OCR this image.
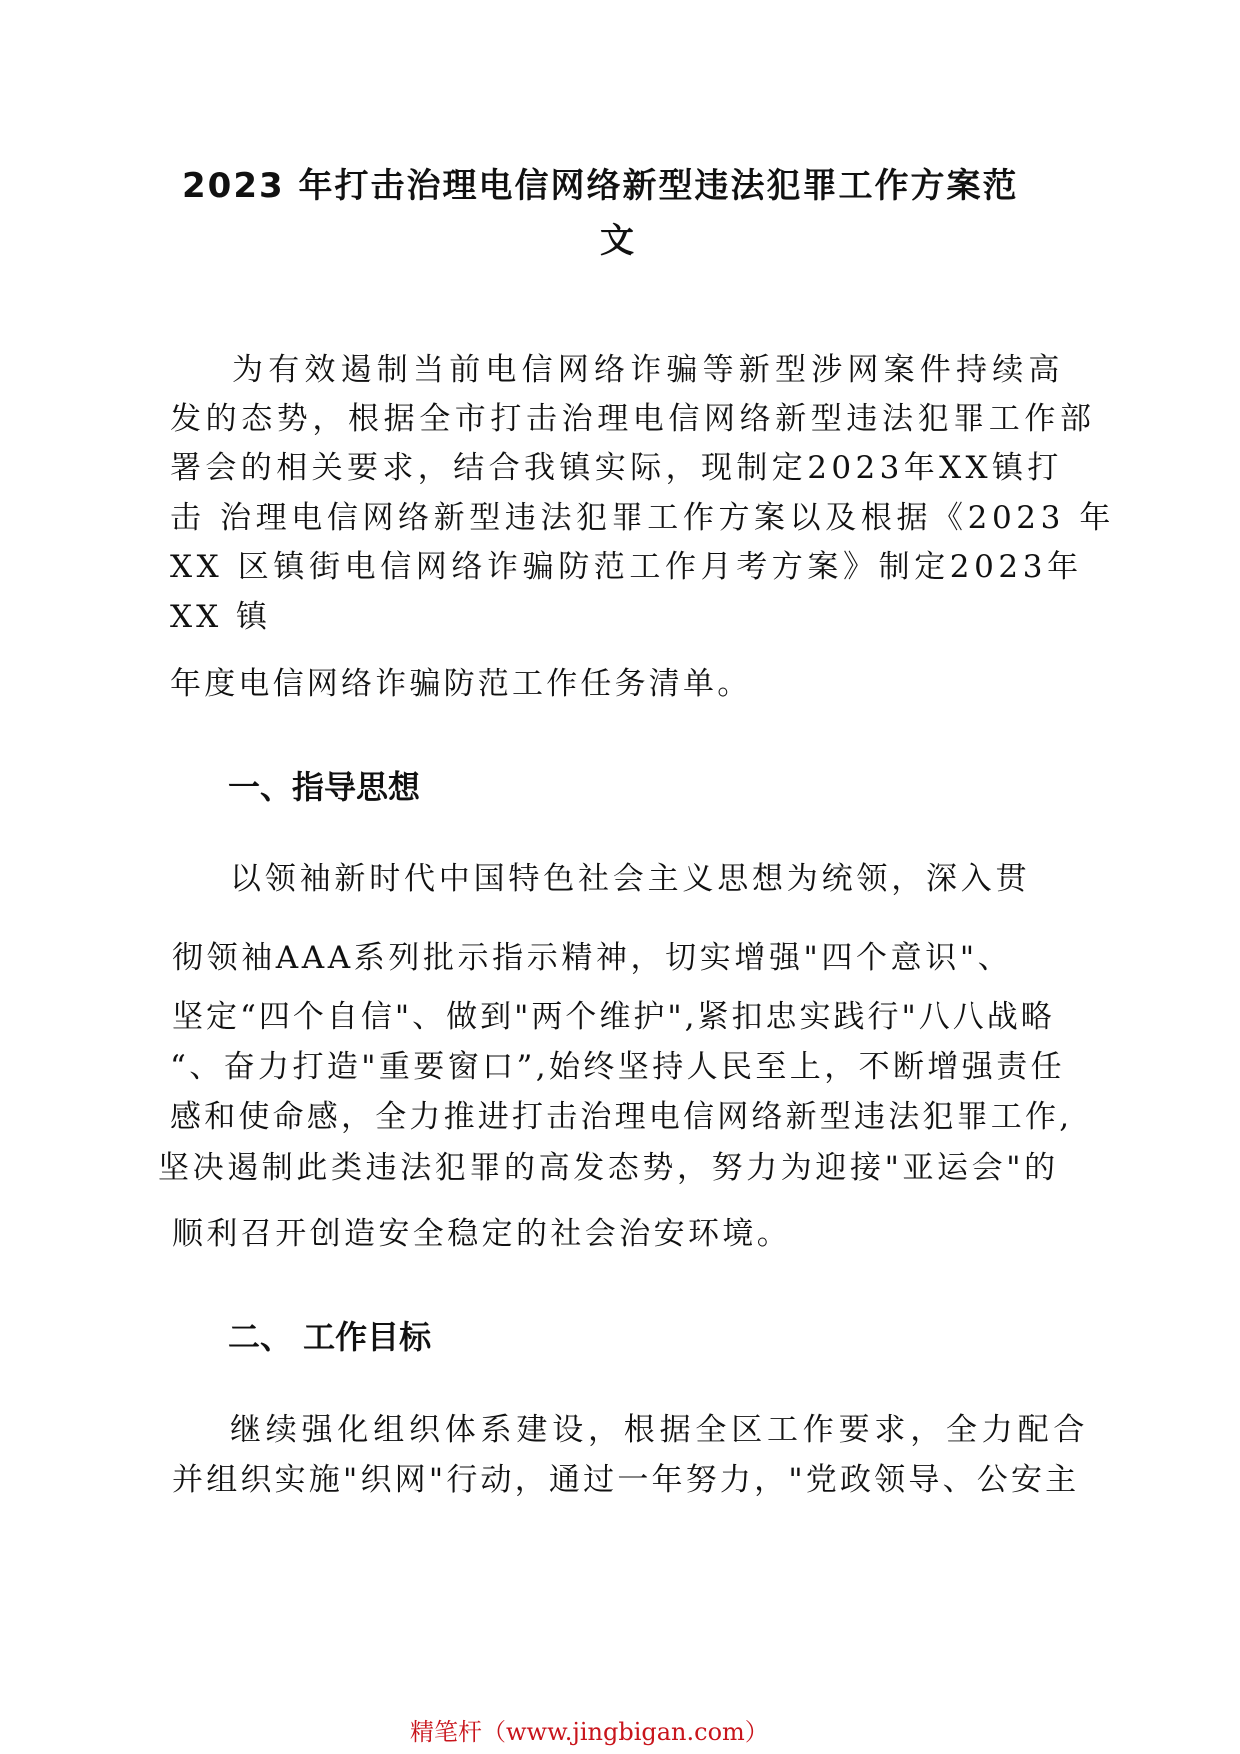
2023 年打击治理电信网络新型违法犯罪工作方案范
文
为有效遏制当前电信网络诈骗等新型涉网案件持续高
发的态势，根据全市打击治理电信网络新型违法犯罪工作部
署会的相关要求，结合我镇实际，现制定2023年XX镇打
击 治理电信网络新型违法犯罪工作方案以及根据《2023 年
XX 区镇街电信网络诈骗防范工作月考方案》制定2023年
XX 镇
年度电信网络诈骗防范工作任务清单。
一、指导思想
以领袖新时代中国特色社会主义思想为统领，深入贯
彻领袖AAA系列批示指示精神，切实增强"四个意识"、
坚定“四个自信"、做到"两个维护",紧扣忠实践行"八八战略
“、奋力打造"重要窗口”,始终坚持人民至上，不断增强责任
感和使命感，全力推进打击治理电信网络新型违法犯罪工作,
坚决遏制此类违法犯罪的高发态势，努力为迎接"亚运会"的
顺利召开创造安全稳定的社会治安环境。
二、 工作目标
继续强化组织体系建设，根据全区工作要求，全力配合
并组织实施"织网"行动，通过一年努力，"党政领导、公安主
精笔杆（www.jingbigan.com）
